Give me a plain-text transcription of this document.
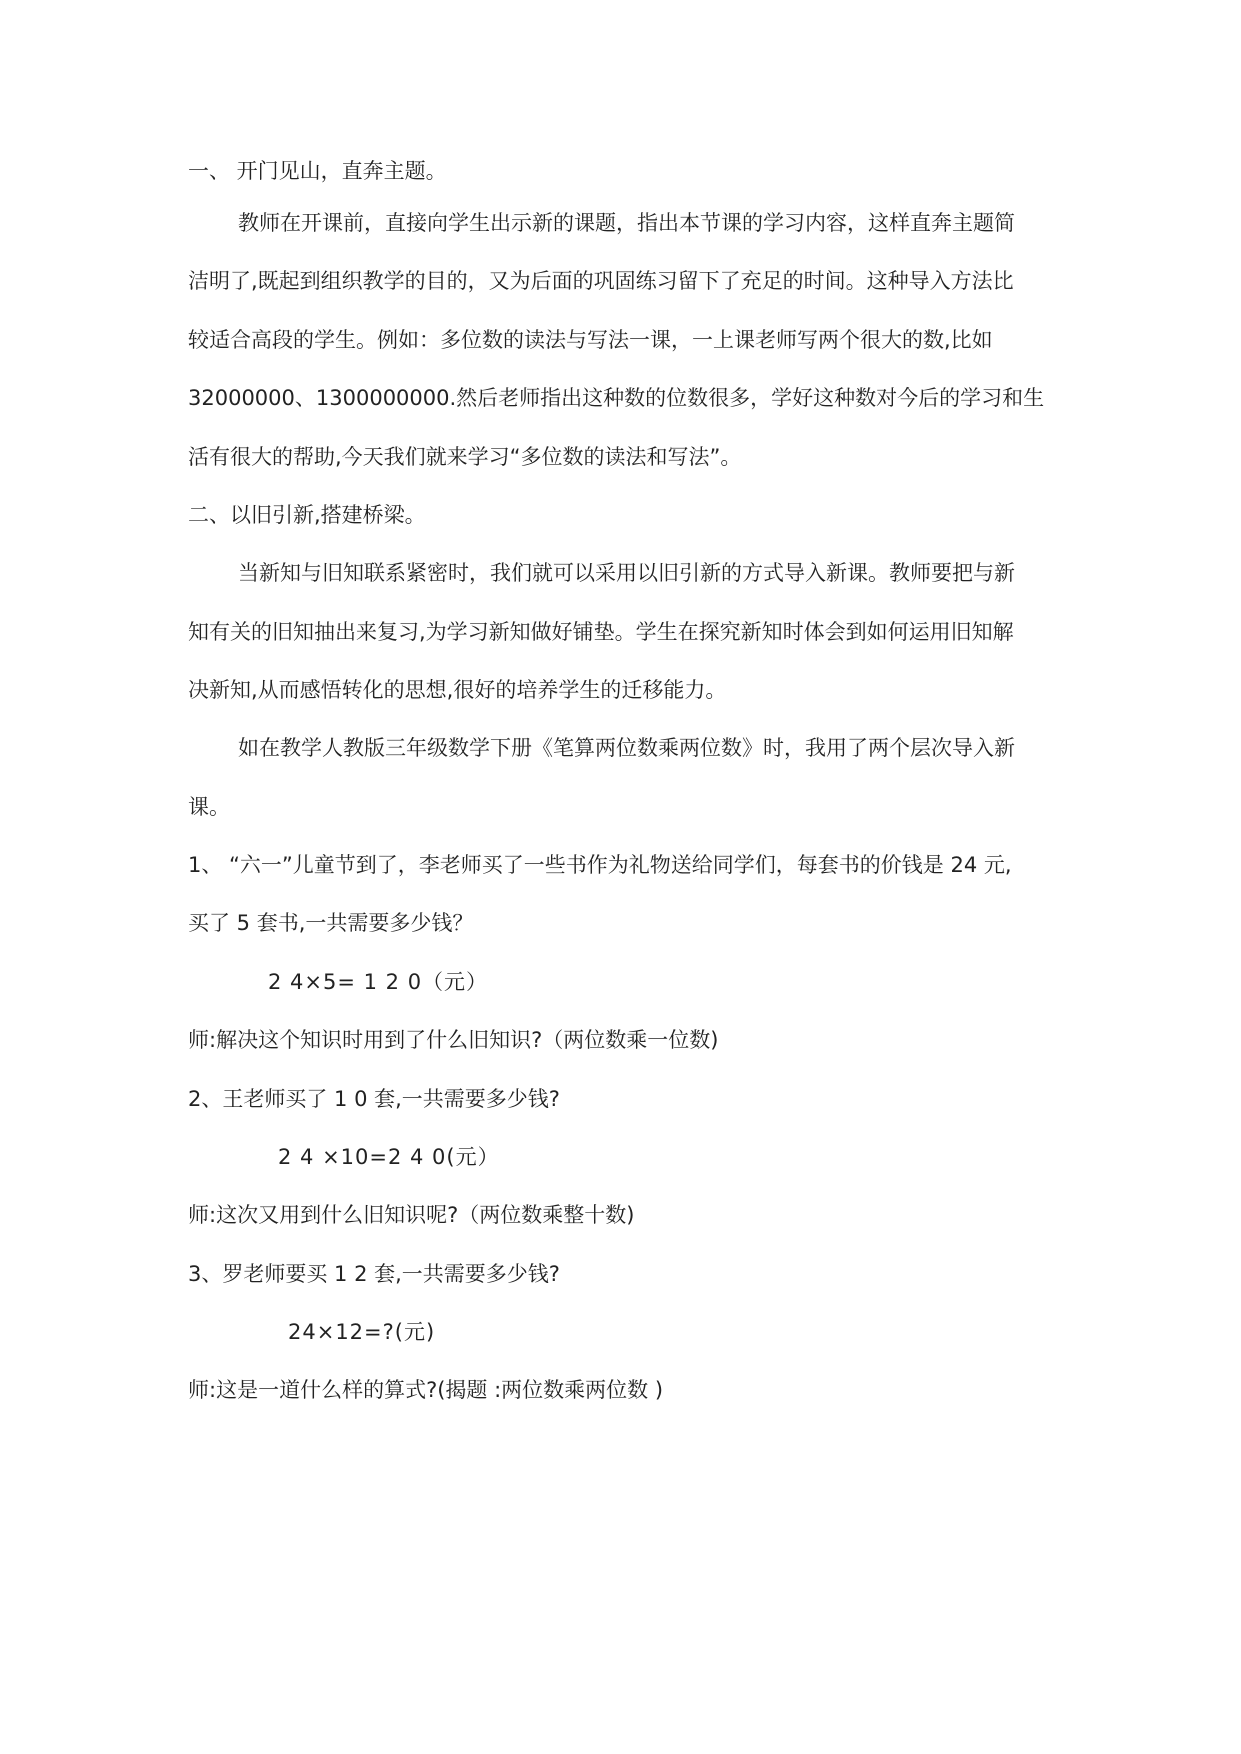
一、 开门见山，直奔主题。
教师在开课前，直接向学生出示新的课题，指出本节课的学习内容，这样直奔主题简
洁明了,既起到组织教学的目的，又为后面的巩固练习留下了充足的时间。这种导入方法比
较适合高段的学生。例如：多位数的读法与写法一课，一上课老师写两个很大的数,比如
32000000、1300000000.然后老师指出这种数的位数很多，学好这种数对今后的学习和生
活有很大的帮助,今天我们就来学习“多位数的读法和写法”。
二、以旧引新,搭建桥梁。
当新知与旧知联系紧密时，我们就可以采用以旧引新的方式导入新课。教师要把与新
知有关的旧知抽出来复习,为学习新知做好铺垫。学生在探究新知时体会到如何运用旧知解
决新知,从而感悟转化的思想,很好的培养学生的迁移能力。
如在教学人教版三年级数学下册《笔算两位数乘两位数》时，我用了两个层次导入新
课。
1、 “六一”儿童节到了，李老师买了一些书作为礼物送给同学们，每套书的价钱是 24 元,
买了 5 套书,一共需要多少钱？
2 4×5= 1 2 0（元）
师:解决这个知识时用到了什么旧知识?（两位数乘一位数)
2、王老师买了 1 0 套,一共需要多少钱?
2 4 ×10=2 4 0(元）
师:这次又用到什么旧知识呢?（两位数乘整十数)
3、罗老师要买 1 2 套,一共需要多少钱?
24×12=?(元)
师:这是一道什么样的算式?(揭题 :两位数乘两位数 )
